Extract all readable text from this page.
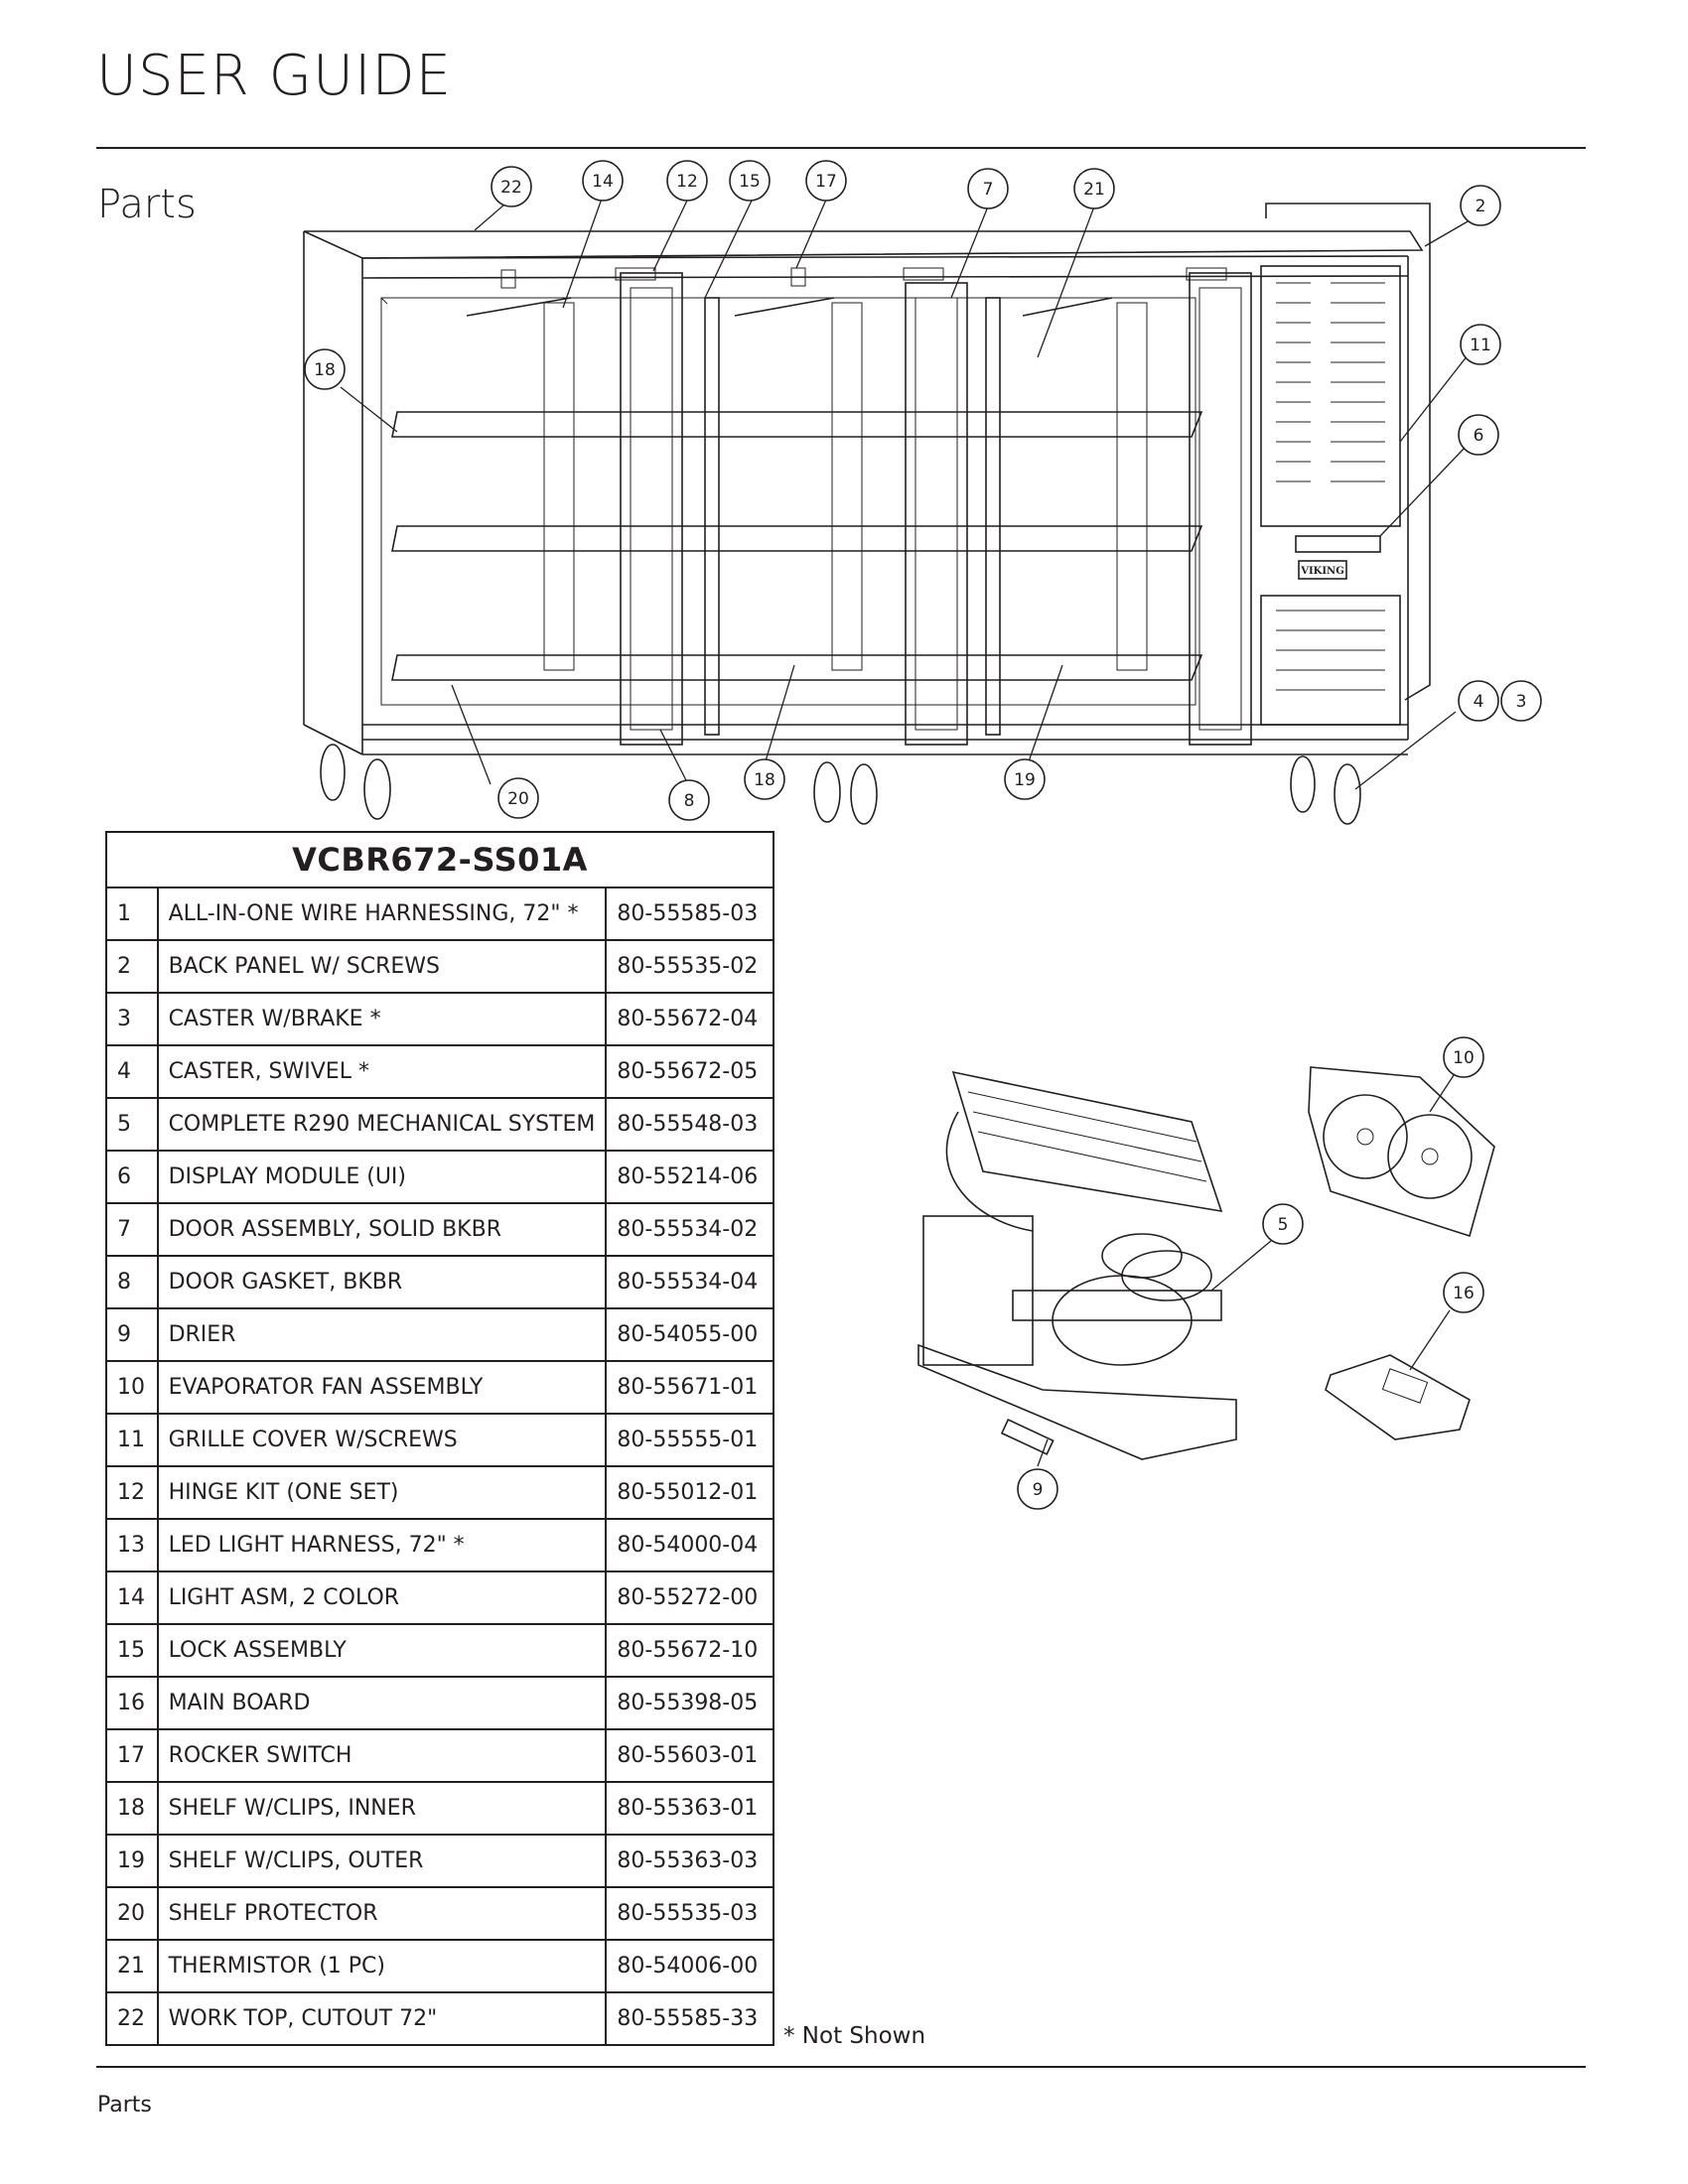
USER GUIDE
Parts
VIKING
22	14	12 15	17	7	21
2
18
11
6
4 3
20	8
18	19
10
5
16
9
VCBR672-SS01A		
1	ALL-IN-ONE WIRE HARNESSING, 72" *	80-55585-03
2	BACK PANEL W/ SCREWS	80-55535-02
3	CASTER W/BRAKE *	80-55672-04
4	CASTER, SWIVEL *	80-55672-05
5	COMPLETE R290 MECHANICAL SYSTEM	80-55548-03
6	DISPLAY MODULE (UI)	80-55214-06
7	DOOR ASSEMBLY, SOLID BKBR	80-55534-02
8	DOOR GASKET, BKBR	80-55534-04
9	DRIER	80-54055-00
10	EVAPORATOR FAN ASSEMBLY	80-55671-01
11	GRILLE COVER W/SCREWS	80-55555-01
12	HINGE KIT (ONE SET)	80-55012-01
13	LED LIGHT HARNESS, 72" *	80-54000-04
14	LIGHT ASM, 2 COLOR	80-55272-00
15	LOCK ASSEMBLY	80-55672-10
16	MAIN BOARD	80-55398-05
17	ROCKER SWITCH	80-55603-01
18	SHELF W/CLIPS, INNER	80-55363-01
19	SHELF W/CLIPS, OUTER	80-55363-03
20	SHELF PROTECTOR	80-55535-03
21	THERMISTOR (1 PC)	80-54006-00
22	WORK TOP, CUTOUT 72"	80-55585-33
* Not Shown
Parts
